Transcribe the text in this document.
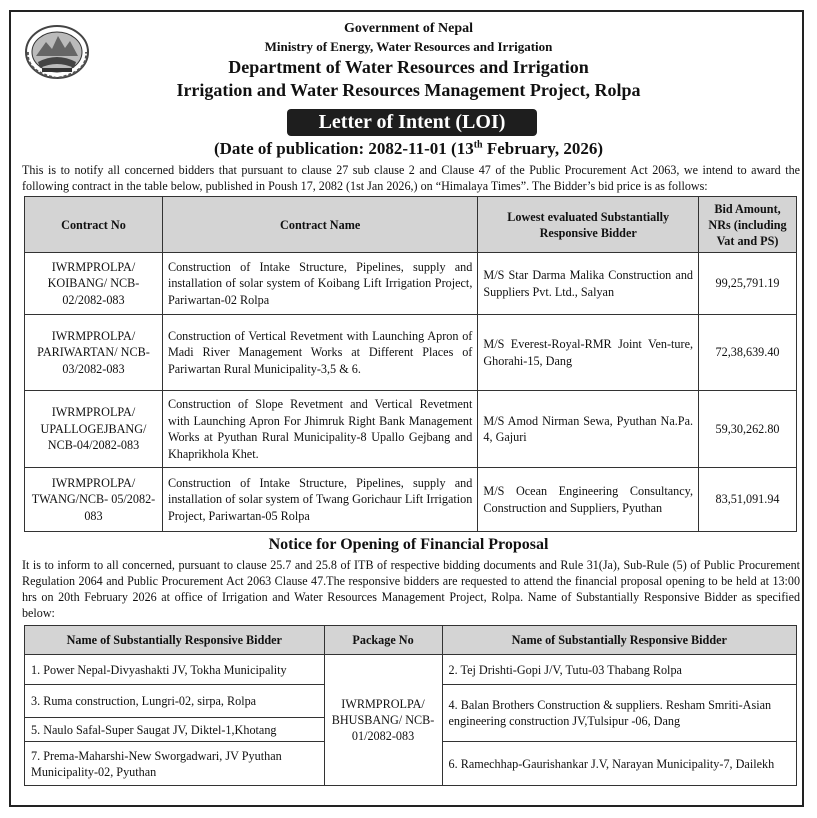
Government of Nepal
Ministry of Energy, Water Resources and Irrigation
Department of Water Resources and Irrigation
Irrigation and Water Resources Management Project, Rolpa
Letter of Intent (LOI)
(Date of publication: 2082-11-01 (13th February, 2026)
This is to notify all concerned bidders that pursuant to clause 27 sub clause 2 and Clause 47 of the Public Procurement Act 2063, we intend to award the following contract in the table below, published in Poush 17, 2082 (1st Jan 2026,) on “Himalaya Times”. The Bidder’s bid price is as follows:
Contract No	Contract Name	Lowest evaluated Substantially Responsive Bidder	Bid Amount, NRs (including Vat and PS)
IWRMPROLPA/ KOIBANG/ NCB-02/2082-083	Construction of Intake Structure, Pipelines, supply and installation of solar system of Koibang Lift Irrigation Project, Pariwartan-02 Rolpa	M/S Star Darma Malika Construction and Suppliers Pvt. Ltd., Salyan	99,25,791.19
IWRMPROLPA/ PARIWARTAN/ NCB-03/2082-083	Construction of Vertical Revetment with Launching Apron of Madi River Management Works at Different Places of Pariwartan Rural Municipality-3,5 & 6.	M/S Everest-Royal-RMR Joint Ven-ture, Ghorahi-15, Dang	72,38,639.40
IWRMPROLPA/ UPALLOGEJBANG/ NCB-04/2082-083	Construction of Slope Revetment and Vertical Revetment with Launching Apron For Jhimruk Right Bank Management Works at Pyuthan Rural Municipality-8 Upallo Gejbang and Khaprikhola Khet.	M/S Amod Nirman Sewa, Pyuthan Na.Pa. 4, Gajuri	59,30,262.80
IWRMPROLPA/ TWANG/NCB- 05/2082-083	Construction of Intake Structure, Pipelines, supply and installation of solar system of Twang Gorichaur Lift Irrigation Project, Pariwartan-05 Rolpa	M/S Ocean Engineering Consultancy, Construction and Suppliers, Pyuthan	83,51,091.94
Notice for Opening of Financial Proposal
It is to inform to all concerned, pursuant to clause 25.7 and 25.8 of ITB of respective bidding documents and Rule 31(Ja), Sub-Rule (5) of Public Procurement Regulation 2064 and Public Procurement Act 2063 Clause 47.The responsive bidders are requested to attend the financial proposal opening to be held at 13:00 hrs on 20th February 2026 at office of Irrigation and Water Resources Management Project, Rolpa. Name of Substantially Responsive Bidder as specified below:
Name of Substantially Responsive Bidder	Package No	Name of Substantially Responsive Bidder
1. Power Nepal-Divyashakti JV, Tokha Municipality	IWRMPROLPA/ BHUSBANG/ NCB-01/2082-083	2. Tej Drishti-Gopi J/V, Tutu-03 Thabang Rolpa
3. Ruma construction, Lungri-02, sirpa, Rolpa		4. Balan Brothers Construction & suppliers. Resham Smriti-Asian engineering construction JV,Tulsipur -06, Dang
5. Naulo Safal-Super Saugat JV, Diktel-1,Khotang		
7. Prema-Maharshi-New Sworgadwari, JV Pyuthan Municipality-02, Pyuthan		6. Ramechhap-Gaurishankar J.V, Narayan Municipality-7, Dailekh
